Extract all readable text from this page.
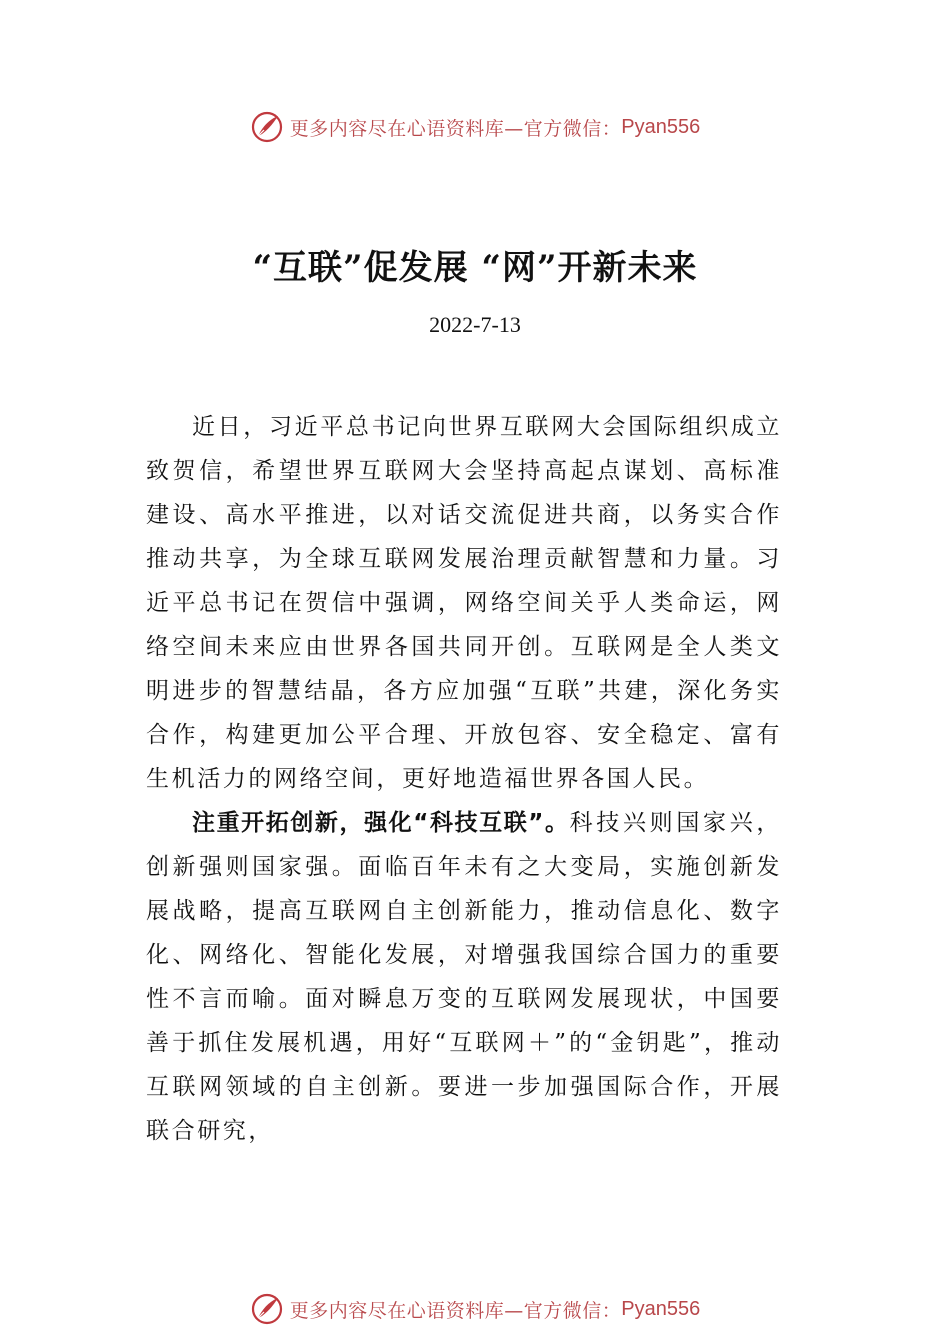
更多内容尽在心语资料库—官方微信： Pyan556
“互联”促发展 “网”开新未来
2022-7-13

近日，习近平总书记向世界互联网大会国际组织成立致贺信，希望世界互联网大会坚持高起点谋划、高标准建设、高水平推进，以对话交流促进共商，以务实合作推动共享，为全球互联网发展治理贡献智慧和力量。习近平总书记在贺信中强调，网络空间关乎人类命运，网络空间未来应由世界各国共同开创。互联网是全人类文明进步的智慧结晶，各方应加强“互联”共建，深化务实合作，构建更加公平合理、开放包容、安全稳定、富有生机活力的网络空间，更好地造福世界各国人民。

注重开拓创新，强化“科技互联”。科技兴则国家兴，创新强则国家强。面临百年未有之大变局，实施创新发展战略，提高互联网自主创新能力，推动信息化、数字化、网络化、智能化发展，对增强我国综合国力的重要性不言而喻。面对瞬息万变的互联网发展现状，中国要善于抓住发展机遇，用好“互联网＋”的“金钥匙”，推动互联网领域的自主创新。要进一步加强国际合作，开展联合研究，

更多内容尽在心语资料库—官方微信： Pyan556
